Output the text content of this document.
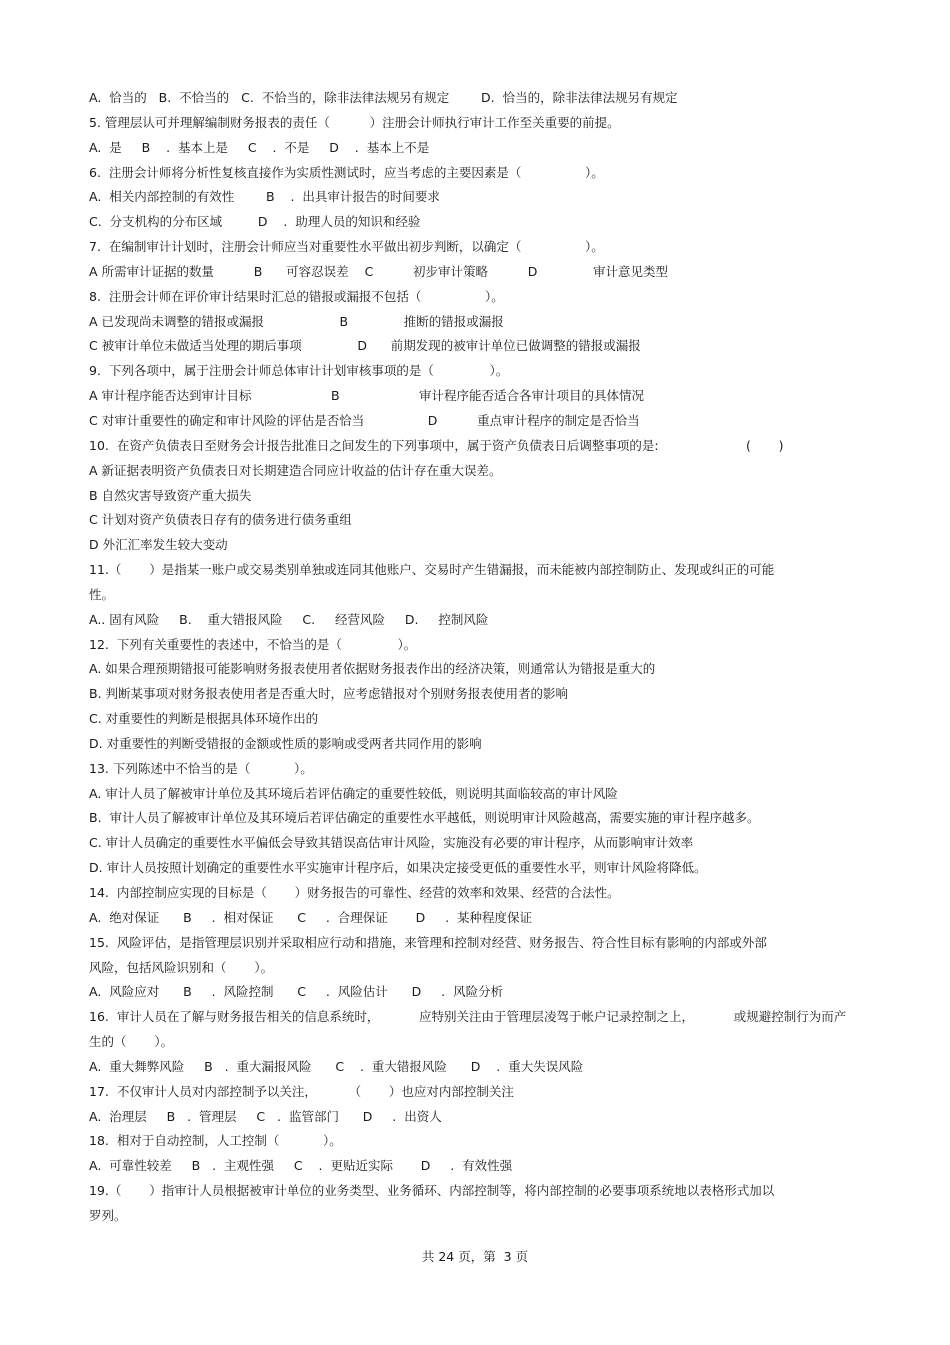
A.  恰当的   B.  不恰当的   C.  不恰当的，除非法律法规另有规定        D.  恰当的，除非法律法规另有规定
5. 管理层认可并理解编制财务报表的责任（          ）注册会计师执行审计工作至关重要的前提。
A.  是     B    .  基本上是     C    .  不是     D    .  基本上不是
6.  注册会计师将分析性复核直接作为实质性测试时，应当考虑的主要因素是（                ）。
A.  相关内部控制的有效性        B    .  出具审计报告的时间要求
C.  分支机构的分布区域         D    .  助理人员的知识和经验
7.  在编制审计计划时，注册会计师应当对重要性水平做出初步判断，以确定（                ）。
A 所需审计证据的数量          B      可容忍误差    C          初步审计策略          D              审计意见类型
8.  注册会计师在评价审计结果时汇总的错报或漏报不包括（                ）。
A 已发现尚未调整的错报或漏报                   B              推断的错报或漏报
C 被审计单位未做适当处理的期后事项              D      前期发现的被审计单位已做调整的错报或漏报
9.  下列各项中，属于注册会计师总体审计计划审核事项的是（              ）。
A 审计程序能否达到审计目标                    B                    审计程序能否适合各审计项目的具体情况
C 对审计重要性的确定和审计风险的评估是否恰当                D          重点审计程序的制定是否恰当
10.  在资产负债表日至财务会计报告批准日之间发生的下列事项中，属于资产负债表日后调整事项的是:                      (       )
A 新证据表明资产负债表日对长期建造合同应计收益的估计存在重大误差。
B 自然灾害导致资产重大损失
C 计划对资产负债表日存有的债务进行债务重组
D 外汇汇率发生较大变动
11.（       ）是指某一账户或交易类别单独或连同其他账户、交易时产生错漏报，而未能被内部控制防止、发现或纠正的可能
性。
A.. 固有风险     B.    重大错报风险     C.     经营风险     D.     控制风险
12.  下列有关重要性的表述中，不恰当的是（              ）。
A. 如果合理预期错报可能影响财务报表使用者依据财务报表作出的经济决策，则通常认为错报是重大的
B. 判断某事项对财务报表使用者是否重大时，应考虑错报对个别财务报表使用者的影响
C. 对重要性的判断是根据具体环境作出的
D. 对重要性的判断受错报的金额或性质的影响或受两者共同作用的影响
13. 下列陈述中不恰当的是（           ）。
A. 审计人员了解被审计单位及其环境后若评估确定的重要性较低，则说明其面临较高的审计风险
B.  审计人员了解被审计单位及其环境后若评估确定的重要性水平越低，则说明审计风险越高，需要实施的审计程序越多。
C. 审计人员确定的重要性水平偏低会导致其错误高估审计风险，实施没有必要的审计程序，从而影响审计效率
D. 审计人员按照计划确定的重要性水平实施审计程序后，如果决定接受更低的重要性水平，则审计风险将降低。
14.  内部控制应实现的目标是（       ）财务报告的可靠性、经营的效率和效果、经营的合法性。
A.  绝对保证      B     .  相对保证      C     .  合理保证       D     .  某种程度保证
15.  风险评估，是指管理层识别并采取相应行动和措施，来管理和控制对经营、财务报告、符合性目标有影响的内部或外部
风险，包括风险识别和（       ）。
A.  风险应对      B     .  风险控制      C     .  风险估计      D     .  风险分析
16.  审计人员在了解与财务报告相关的信息系统时，          应特别关注由于管理层凌驾于帐户记录控制之上，          或规避控制行为而产
生的（       ）。
A.  重大舞弊风险     B   .  重大漏报风险      C    .  重大错报风险      D    .  重大失误风险
17.  不仅审计人员对内部控制予以关注，        （       ）也应对内部控制关注
A.  治理层     B   .  管理层     C   .  监管部门      D     .  出资人
18.  相对于自动控制，人工控制（           ）。
A.  可靠性较差     B   .  主观性强     C    .  更贴近实际       D     .  有效性强
19.（       ）指审计人员根据被审计单位的业务类型、业务循环、内部控制等，将内部控制的必要事项系统地以表格形式加以
罗列。
共 24 页，第  3 页
